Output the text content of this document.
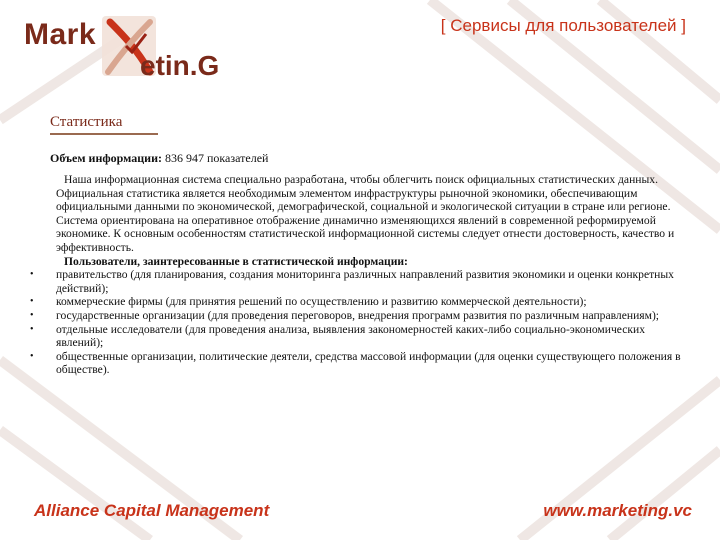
Mark
etin.G
[ Сервисы для пользователей ]
Статистика
Объем информации: 836 947 показателей

Наша информационная система специально разработана, чтобы облегчить поиск официальных статистических данных. Официальная статистика является необходимым элементом инфраструктуры рыночной экономики, обеспечивающим официальными данными по экономической, демографической, социальной и экологической ситуации в стране или регионе. Система ориентирована на оперативное отображение динамично изменяющихся явлений в современной реформируемой экономике. К основным особенностям статистической информационной системы следует отнести достоверность, качество и эффективность.

Пользователи, заинтересованные в статистической информации:

• правительство (для планирования, создания мониторинга различных направлений развития экономики и оценки конкретных действий);
• коммерческие фирмы (для принятия решений по осуществлению и развитию коммерческой деятельности);
• государственные организации (для проведения переговоров, внедрения программ развития по различным направлениям);
• отдельные исследователи (для проведения анализа, выявления закономерностей каких-либо социально-экономических явлений);
• общественные организации, политические деятели, средства массовой информации (для оценки существующего положения в обществе).
Alliance Capital Management	www.marketing.vc
